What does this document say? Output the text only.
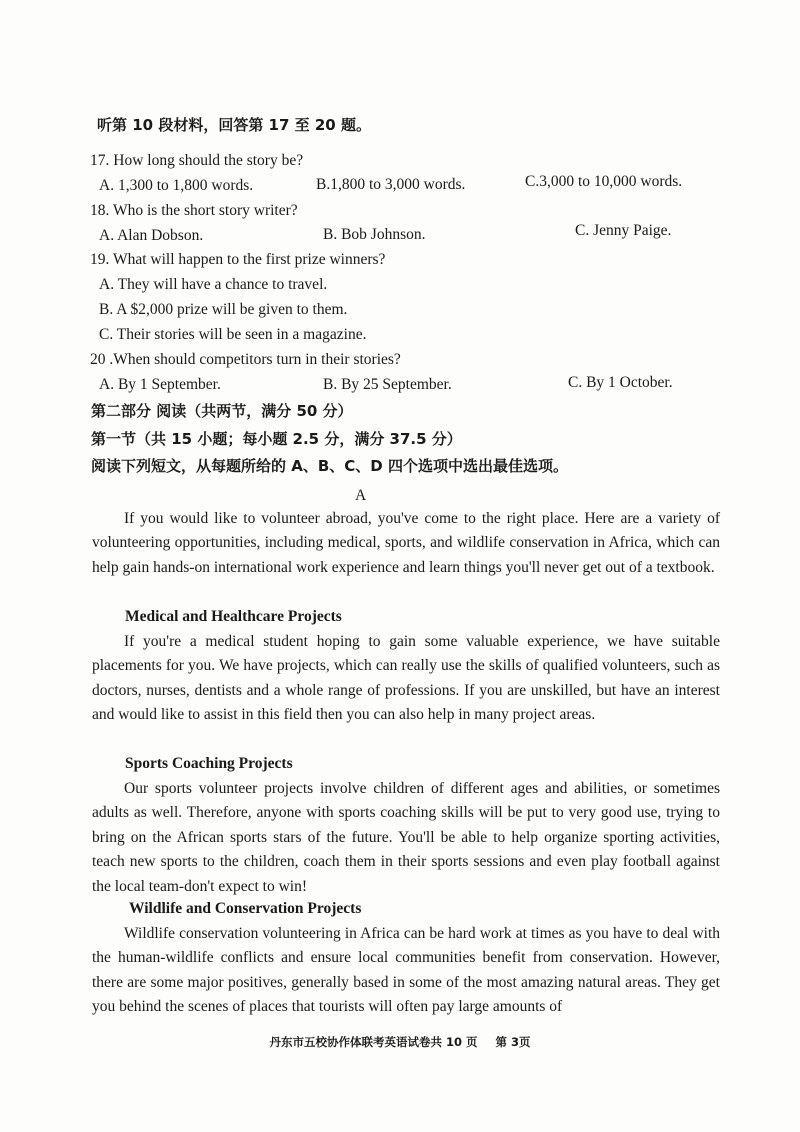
听第 10 段材料，回答第 17 至 20 题。
17. How long should the story be?
A. 1,300 to 1,800 words.	B.1,800 to 3,000 words.	C.3,000 to 10,000 words.
18. Who is the short story writer?
A. Alan Dobson.	B. Bob Johnson.	C. Jenny Paige.
19. What will happen to the first prize winners?
A. They will have a chance to travel.
B. A $2,000 prize will be given to them.
C. Their stories will be seen in a magazine.
20 .When should competitors turn in their stories?
A. By 1 September.	B. By 25 September.	C. By 1 October.
第二部分 阅读（共两节，满分 50 分）
第一节（共 15 小题；每小题 2.5 分，满分 37.5 分）
阅读下列短文，从每题所给的 A、B、C、D 四个选项中选出最佳选项。
A
If you would like to volunteer abroad, you've come to the right place. Here are a variety of volunteering opportunities, including medical, sports, and wildlife conservation in Africa, which can help gain hands-on international work experience and learn things you'll never get out of a textbook.
Medical and Healthcare Projects
If you're a medical student hoping to gain some valuable experience, we have suitable placements for you. We have projects, which can really use the skills of qualified volunteers, such as doctors, nurses, dentists and a whole range of professions. If you are unskilled, but have an interest and would like to assist in this field then you can also help in many project areas.
Sports Coaching Projects
Our sports volunteer projects involve children of different ages and abilities, or sometimes adults as well. Therefore, anyone with sports coaching skills will be put to very good use, trying to bring on the African sports stars of the future. You'll be able to help organize sporting activities, teach new sports to the children, coach them in their sports sessions and even play football against the local team-don't expect to win!
Wildlife and Conservation Projects
Wildlife conservation volunteering in Africa can be hard work at times as you have to deal with the human-wildlife conflicts and ensure local communities benefit from conservation. However, there are some major positives, generally based in some of the most amazing natural areas. They get you behind the scenes of places that tourists will often pay large amounts of
丹东市五校协作体联考英语试卷共 10 页 第 3页
